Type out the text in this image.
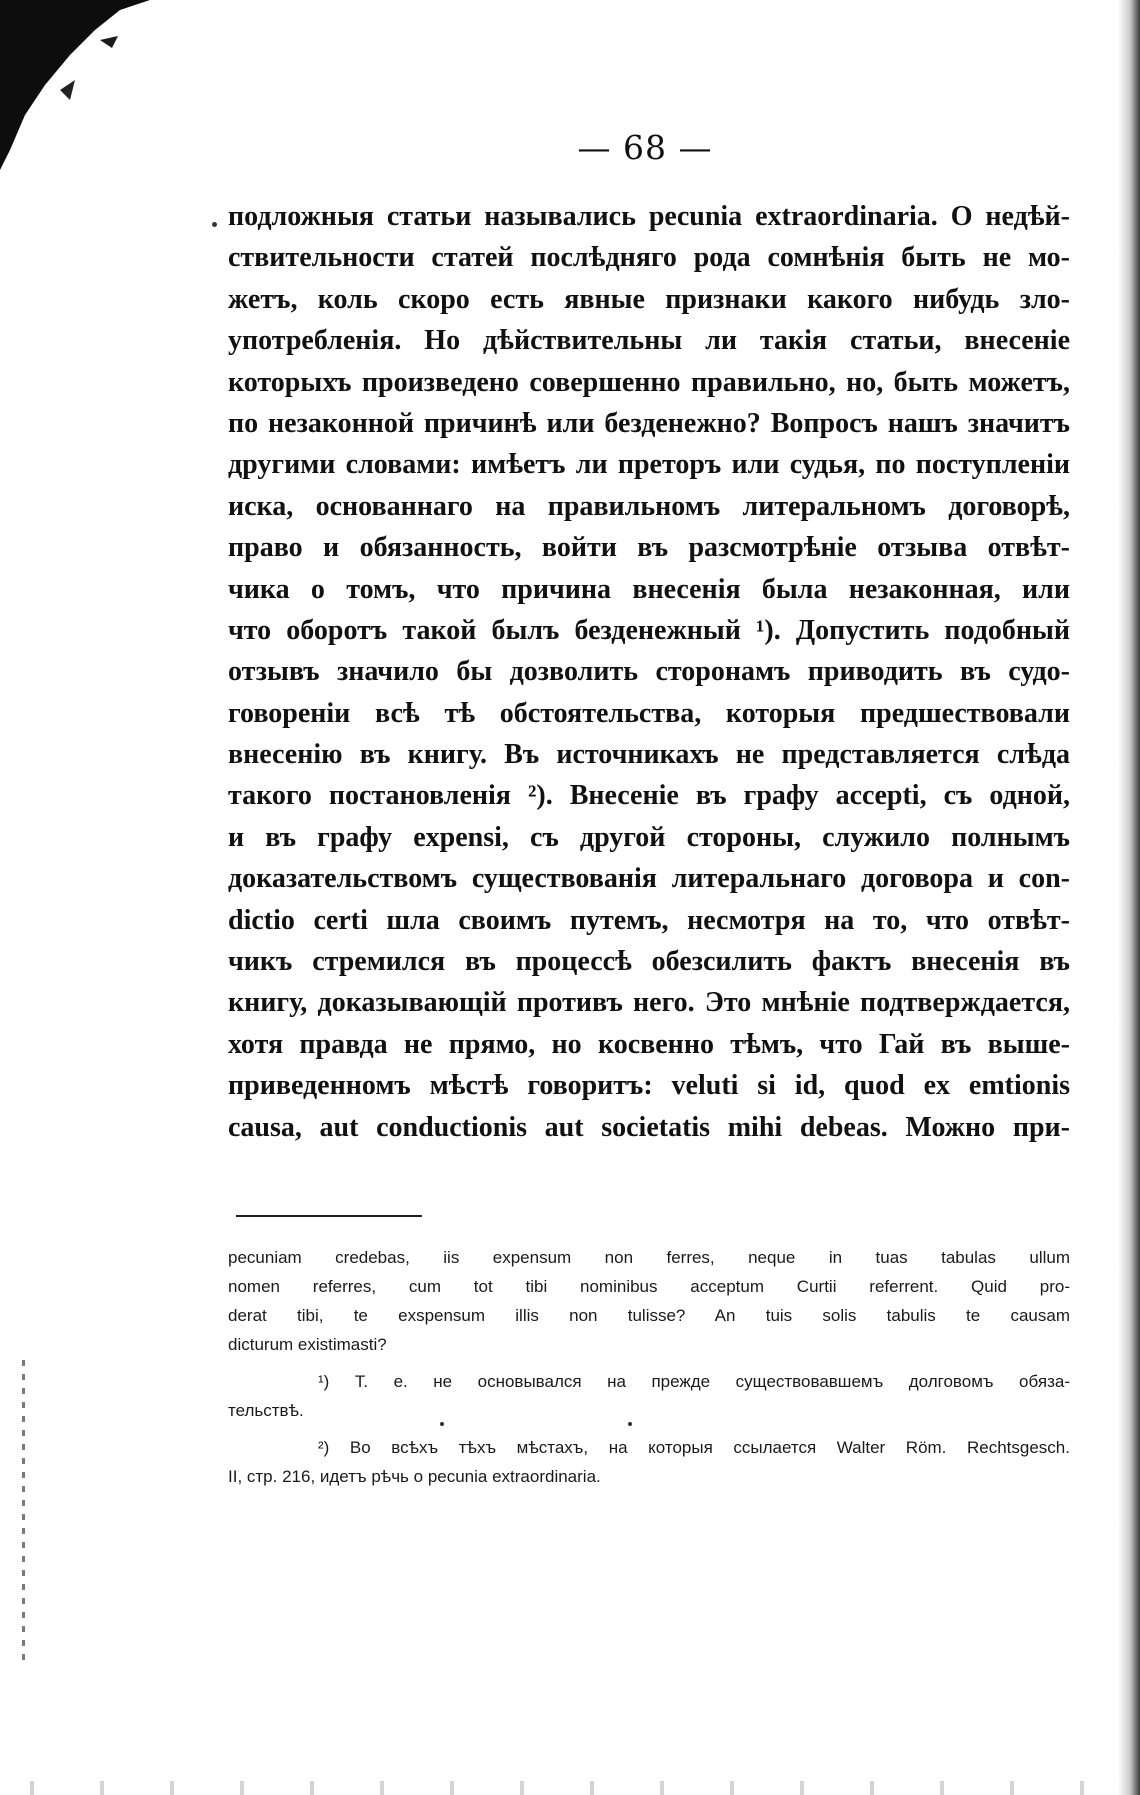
— 68 —
подложныя статьи назывались pecunia extraordinaria. О недѣй-
ствительности статей послѣдняго рода сомнѣнія быть не мо-
жетъ, коль скоро есть явные признаки какого нибудь зло-
употребленія. Но дѣйствительны ли такія статьи, внесеніе
которыхъ произведено совершенно правильно, но, быть можетъ,
по незаконной причинѣ или безденежно? Вопросъ нашъ значитъ
другими словами: имѣетъ ли преторъ или судья, по поступленіи
иска, основаннаго на правильномъ литеральномъ договорѣ,
право и обязанность, войти въ разсмотрѣніе отзыва отвѣт-
чика о томъ, что причина внесенія была незаконная, или
что оборотъ такой былъ безденежный ¹). Допустить подобный
отзывъ значило бы дозволить сторонамъ приводить въ судо-
говореніи всѣ тѣ обстоятельства, которыя предшествовали
внесенію въ книгу. Въ источникахъ не представляется слѣда
такого постановленія ²). Внесеніе въ графу accepti, съ одной,
и въ графу expensi, съ другой стороны, служило полнымъ
доказательствомъ существованія литеральнаго договора и con-
dictio certi шла своимъ путемъ, несмотря на то, что отвѣт-
чикъ стремился въ процессѣ обезсилить фактъ внесенія въ
книгу, доказывающій противъ него. Это мнѣніе подтверждается,
хотя правда не прямо, но косвенно тѣмъ, что Гай въ выше-
приведенномъ мѣстѣ говоритъ: veluti si id, quod ex emtionis
causa, aut conductionis aut societatis mihi debeas. Можно при-
pecuniam credebas, iis expensum non ferres, neque in tuas tabulas ullum
nomen referres, cum tot tibi nominibus acceptum Curtii referrent. Quid pro-
derat tibi, te exspensum illis non tulisse? An tuis solis tabulis te causam
dicturum existimasti?
¹) Т. е. не основывался на прежде существовавшемъ долговомъ обяза-
тельствѣ.
²) Во всѣхъ тѣхъ мѣстахъ, на которыя ссылается Walter Röm. Rechtsgesch.
II, стр. 216, идетъ рѣчь о pecunia extraordinaria.
